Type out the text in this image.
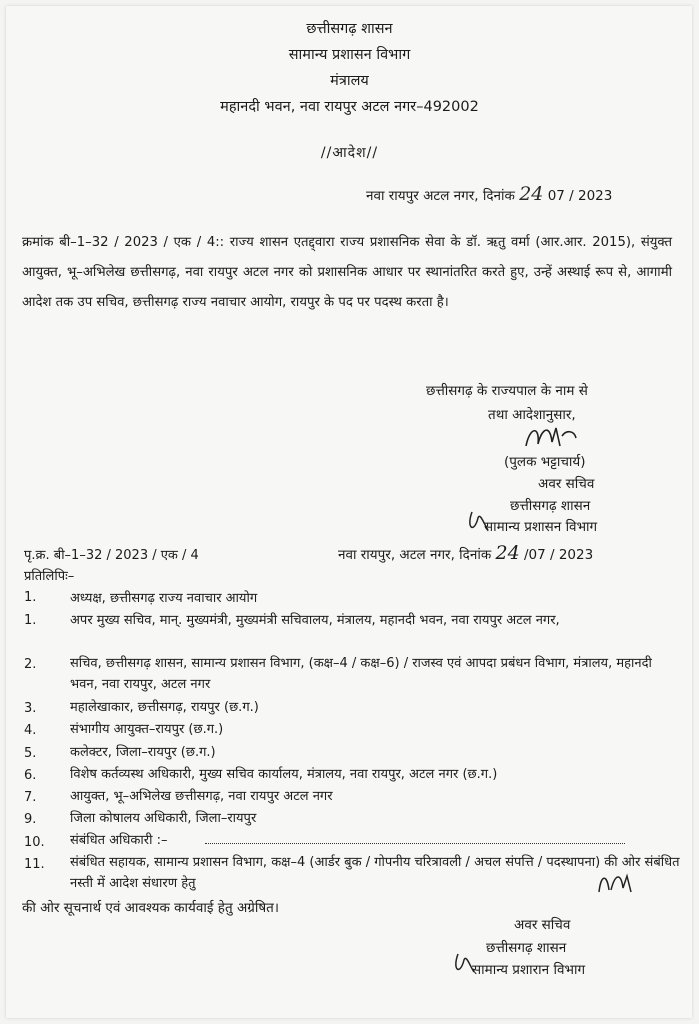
छत्तीसगढ़ शासन
सामान्य प्रशासन विभाग
मंत्रालय
महानदी भवन, नवा रायपुर अटल नगर–492002
//आदेश//
नवा रायपुर अटल नगर, दिनांक 24 07 / 2023
क्रमांक बी–1–32 / 2023 / एक / 4:: राज्य शासन एतद्द्वारा राज्य प्रशासनिक सेवा के डॉ. ऋतु वर्मा (आर.आर. 2015), संयुक्त आयुक्त, भू–अभिलेख छत्तीसगढ़, नवा रायपुर अटल नगर को प्रशासनिक आधार पर स्थानांतरित करते हुए, उन्हें अस्थाई रूप से, आगामी आदेश तक उप सचिव, छत्तीसगढ़ राज्य नवाचार आयोग, रायपुर के पद पर पदस्थ करता है।
छत्तीसगढ़ के राज्यपाल के नाम से
तथा आदेशानुसार,
(पुलक भट्टाचार्य)
अवर सचिव
छत्तीसगढ़ शासन
सामान्य प्रशासन विभाग
पृ.क्र. बी–1–32 / 2023 / एक / 4	नवा रायपुर, अटल नगर, दिनांक 24 /07 / 2023
प्रतिलिपिः–
1.	अध्यक्ष, छत्तीसगढ़ राज्य नवाचार आयोग
1.	अपर मुख्य सचिव, मान्. मुख्यमंत्री, मुख्यमंत्री सचिवालय, मंत्रालय, महानदी भवन, नवा रायपुर अटल नगर,
2.	सचिव, छत्तीसगढ़ शासन, सामान्य प्रशासन विभाग, (कक्ष–4 / कक्ष–6) / राजस्व एवं आपदा प्रबंधन विभाग, मंत्रालय, महानदी भवन, नवा रायपुर, अटल नगर
3.	महालेखाकार, छत्तीसगढ़, रायपुर (छ.ग.)
4.	संभागीय आयुक्त–रायपुर (छ.ग.)
5.	कलेक्टर, जिला–रायपुर (छ.ग.)
6.	विशेष कर्तव्यस्थ अधिकारी, मुख्य सचिव कार्यालय, मंत्रालय, नवा रायपुर, अटल नगर (छ.ग.)
7.	आयुक्त, भू–अभिलेख छत्तीसगढ़, नवा रायपुर अटल नगर
9.	जिला कोषालय अधिकारी, जिला–रायपुर
10. संबंधित अधिकारी :–
11. संबंधित सहायक, सामान्य प्रशासन विभाग, कक्ष–4 (आर्डर बुक / गोपनीय चरित्रावली / अचल संपत्ति / पदस्थापना) की ओर संबंधित नस्ती में आदेश संधारण हेतु
की ओर सूचनार्थ एवं आवश्यक कार्यवाई हेतु अग्रेषित।
अवर सचिव
छत्तीसगढ़ शासन
सामान्य प्रशारान विभाग
